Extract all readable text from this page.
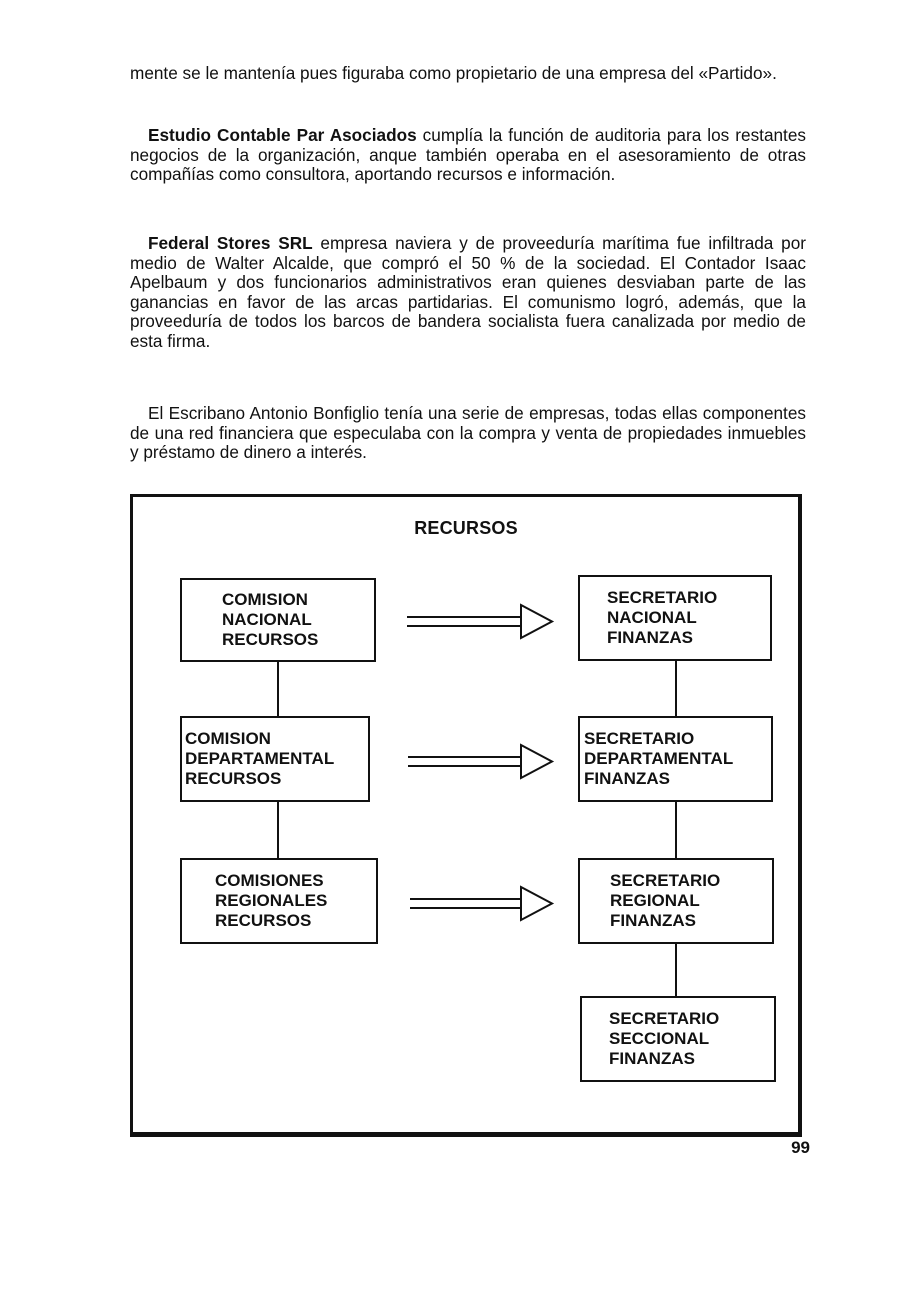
mente se le mantenía pues figuraba como propietario de una empresa del «Partido».

Estudio Contable Par Asociados cumplía la función de auditoria para los restantes negocios de la organización, anque también operaba en el asesoramiento de otras compañías como consultora, aportando recursos e información.

Federal Stores SRL empresa naviera y de proveeduría marítima fue infiltrada por medio de Walter Alcalde, que compró el 50 % de la sociedad. El Contador Isaac Apelbaum y dos funcionarios administrativos eran quienes desviaban parte de las ganancias en favor de las arcas partidarias. El comunismo logró, además, que la proveeduría de todos los barcos de bandera socialista fuera canalizada por medio de esta firma.

El Escribano Antonio Bonfiglio tenía una serie de empresas, todas ellas componentes de una red financiera que especulaba con la compra y venta de propiedades inmuebles y préstamo de dinero a interés.

RECURSOS
COMISION
NACIONAL
RECURSOS
COMISION
DEPARTAMENTAL
RECURSOS
COMISIONES
REGIONALES
RECURSOS
SECRETARIO
NACIONAL
FINANZAS
SECRETARIO
DEPARTAMENTAL
FINANZAS
SECRETARIO
REGIONAL
FINANZAS
SECRETARIO
SECCIONAL
FINANZAS
99
